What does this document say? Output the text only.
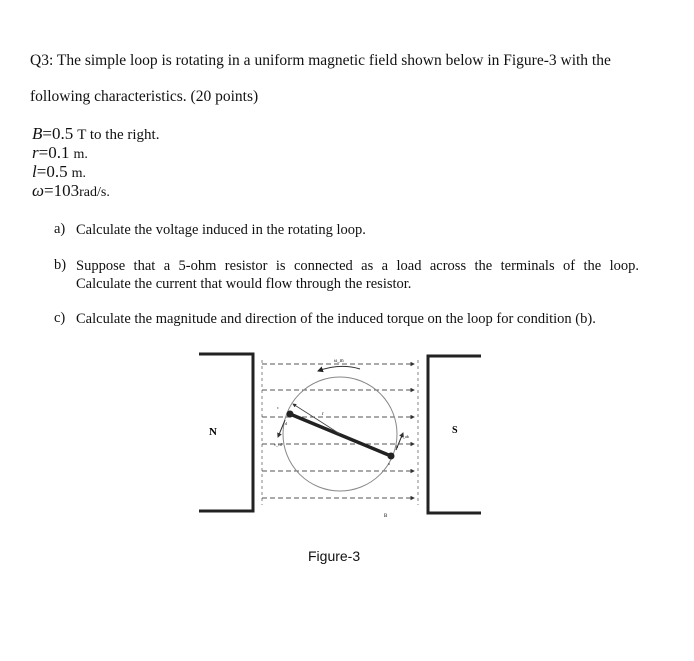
Q3: The simple loop is rotating in a uniform magnetic field shown below in Figure-3 with the
following characteristics. (20 points)
B=0.5 T to the right.
r=0.1 m.
l=0.5 m.
ω=103rad/s.
a) Calculate the voltage induced in the rotating loop.
b) Suppose that a 5-ohm resistor is connected as a load across the terminals of the loop.
Calculate the current that would flow through the resistor.
c) Calculate the magnitude and direction of the induced torque on the loop for condition (b).
N	S
B
ω_m
r
v_cd
v_ab
a
b
c
d
Figure-3
